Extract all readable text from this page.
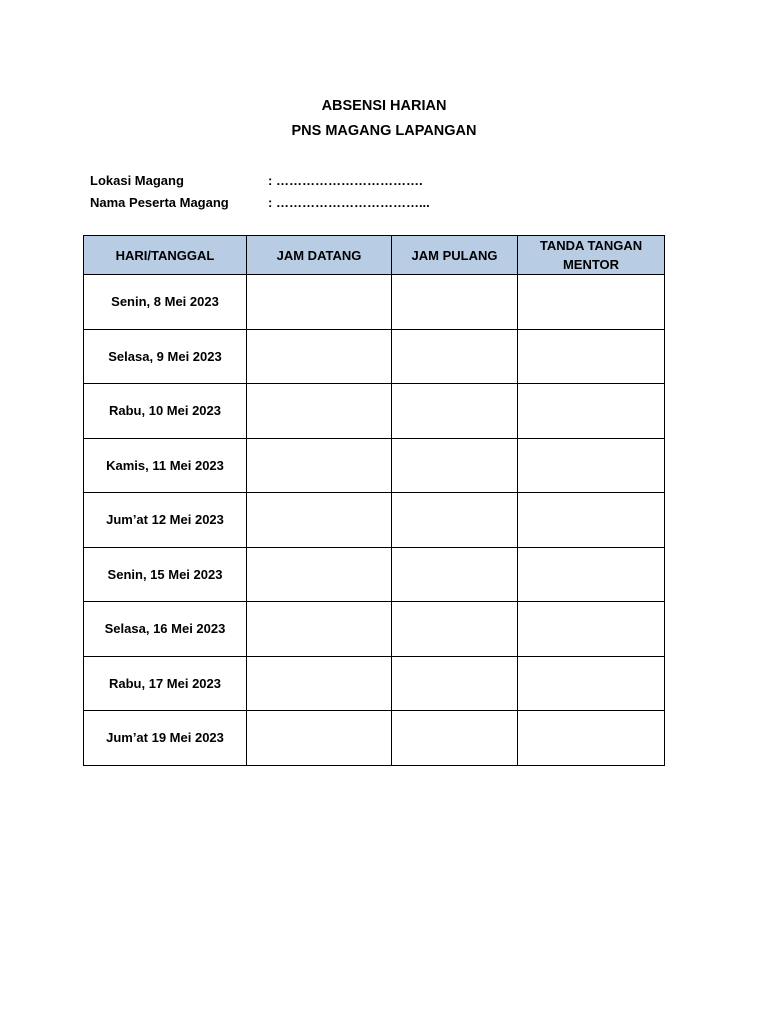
ABSENSI HARIAN
PNS MAGANG LAPANGAN
Lokasi Magang	: …………………………….
Nama Peserta Magang	: ……………………………...
HARI/TANGGAL	JAM DATANG	JAM PULANG	TANDA TANGAN MENTOR
Senin, 8 Mei 2023			
Selasa, 9 Mei 2023			
Rabu, 10 Mei 2023			
Kamis, 11 Mei 2023			
Jum’at 12 Mei 2023			
Senin, 15 Mei 2023			
Selasa, 16 Mei 2023			
Rabu, 17 Mei 2023			
Jum’at 19 Mei 2023			
